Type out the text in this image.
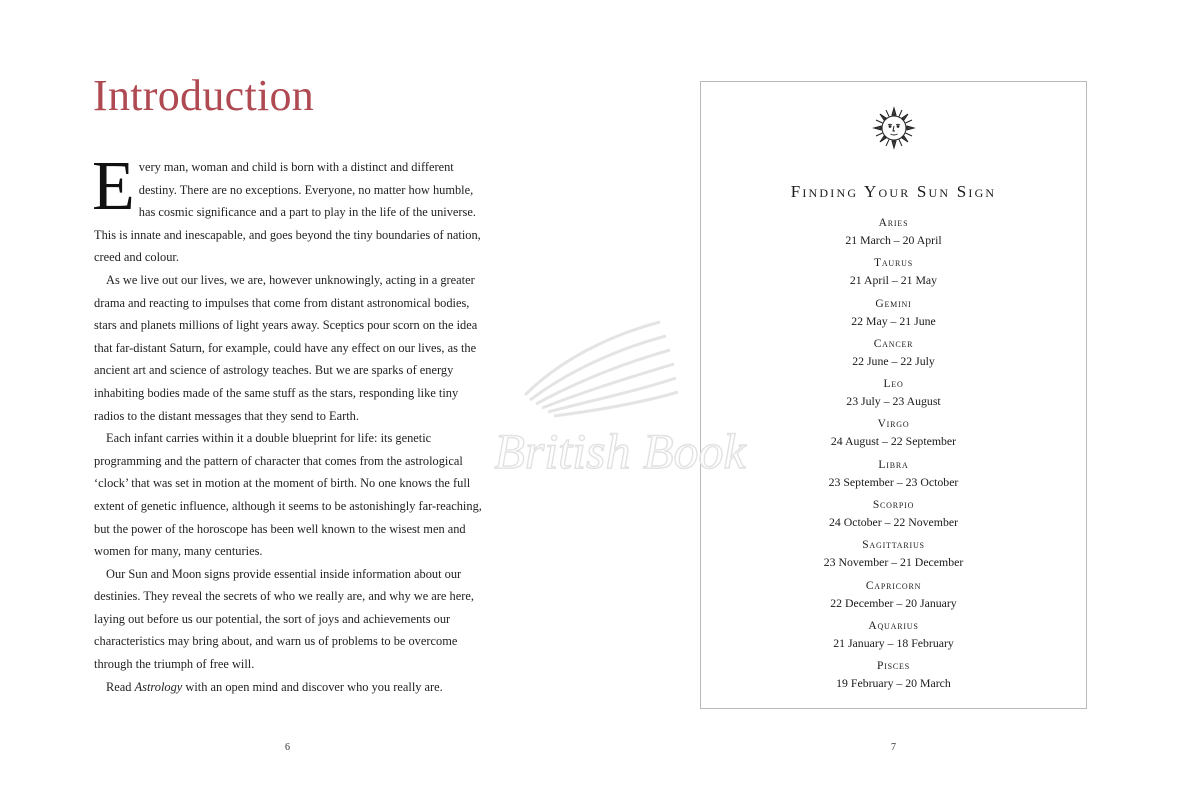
Introduction

Every man, woman and child is born with a distinct and different destiny. There are no exceptions. Everyone, no matter how humble, has cosmic significance and a part to play in the life of the universe. This is innate and inescapable, and goes beyond the tiny boundaries of nation, creed and colour.

As we live out our lives, we are, however unknowingly, acting in a greater drama and reacting to impulses that come from distant astronomical bodies, stars and planets millions of light years away. Sceptics pour scorn on the idea that far-distant Saturn, for example, could have any effect on our lives, as the ancient art and science of astrology teaches. But we are sparks of energy inhabiting bodies made of the same stuff as the stars, responding like tiny radios to the distant messages that they send to Earth.

Each infant carries within it a double blueprint for life: its genetic programming and the pattern of character that comes from the astrological ‘clock’ that was set in motion at the moment of birth. No one knows the full extent of genetic influence, although it seems to be astonishingly far-reaching, but the power of the horoscope has been well known to the wisest men and women for many, many centuries.

Our Sun and Moon signs provide essential inside information about our destinies. They reveal the secrets of who we really are, and why we are here, laying out before us our potential, the sort of joys and achievements our characteristics may bring about, and warn us of problems to be overcome through the triumph of free will.

Read Astrology with an open mind and discover who you really are.

6
Finding Your Sun Sign
Aries
21 March – 20 April
Taurus
21 April – 21 May
Gemini
22 May – 21 June
Cancer
22 June – 22 July
Leo
23 July – 23 August
Virgo
24 August – 22 September
Libra
23 September – 23 October
Scorpio
24 October – 22 November
Sagittarius
23 November – 21 December
Capricorn
22 December – 20 January
Aquarius
21 January – 18 February
Pisces
19 February – 20 March
7
British Book
